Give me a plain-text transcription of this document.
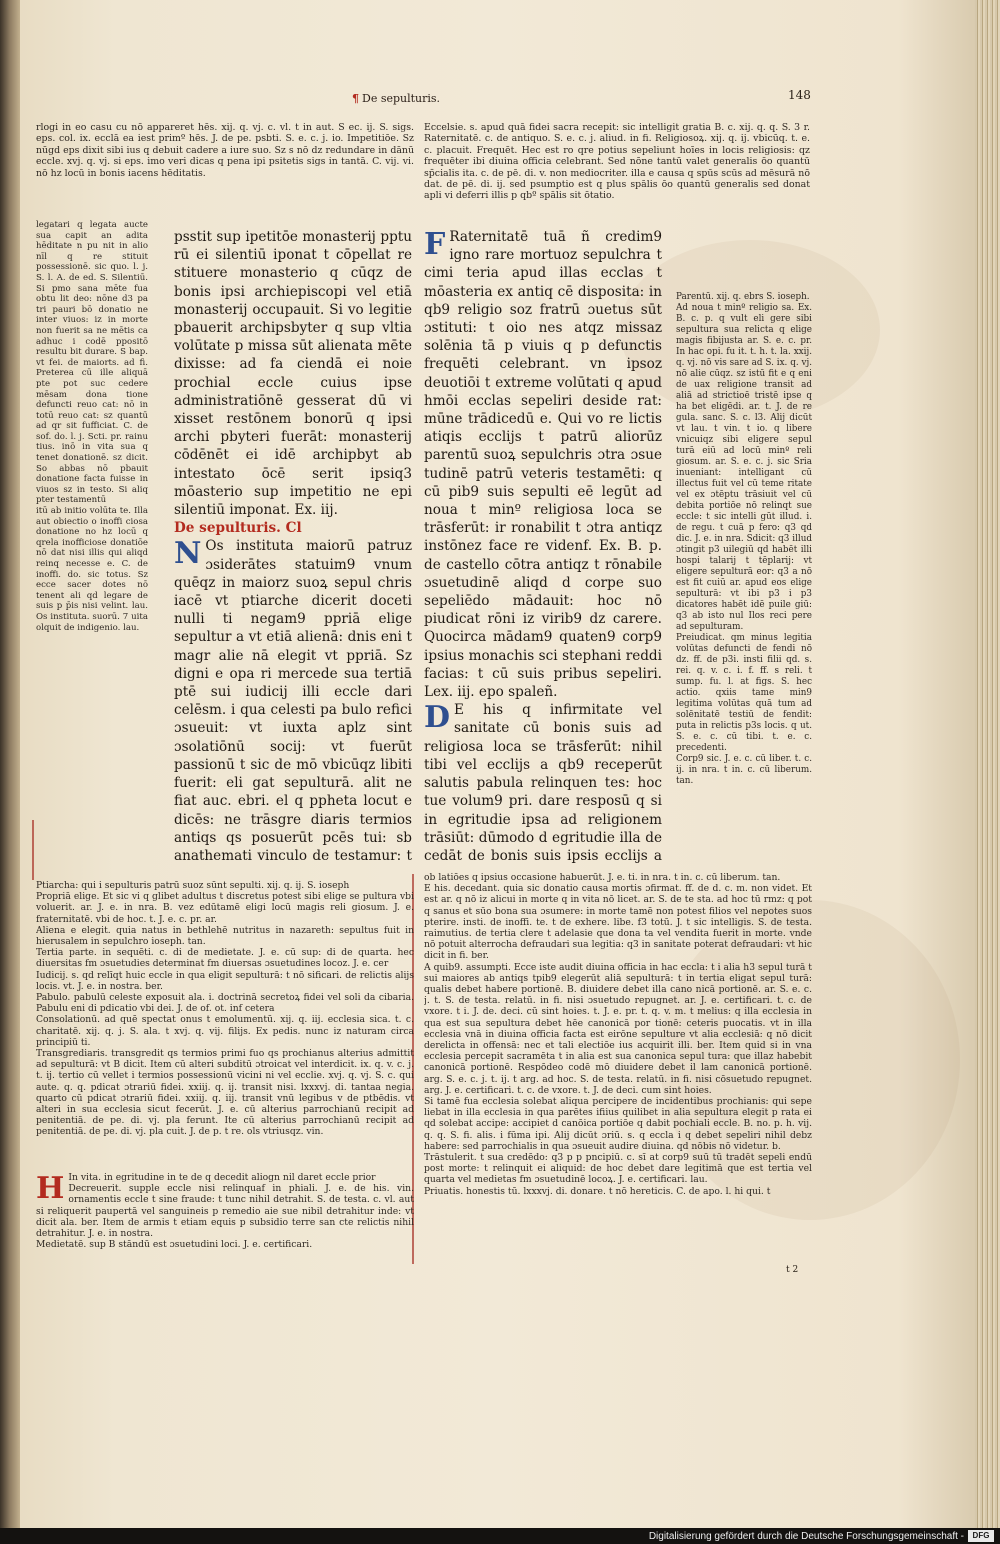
¶ De sepulturis.	148

rlogi in eo casu cu nō appareret hēs. xij. q. vj. c. vl. t in aut. S ec. ij. S. sigs. eps. col. ix. ecclā ea iest primº hēs. J. de pe. psbti. S. e. c. j. io. Impetitiōe. Sz nūgd eps dixit sibi ius q debuit cadere a iure suo. Sz s nō dz redundare in dānū eccle. xvj. q. vj. si eps. imo veri dicas q pena ipi psitetis sigs in tantā. C. vij. vi. nō hz locū in bonis iacens hēditatis.

Eccelsie. s. apud quā fidei sacra recepit: sic intelligit gratia B. c. xij. q. q. S. 3 r. Raternitatē. c. de antiquo. S. e. c. j. aliud. in fi. Religiosoꝝ. xij. q. ij. vbicūq. t. e. c. placuit. Frequēt. Hec est ro qre potius sepeliunt hoīes in locis religiosis: qz frequēter ibi diuina officia celebrant. Sed nōne tantū valet generalis ōo quantū sp̄cialis ita. c. de pē. di. v. non mediocriter. illa e causa q spūs scūs ad mēsurā nō dat. de pē. di. ij. sed psumptio est q plus spālis ōo quantū generalis sed donat apli vi deferri illis p qbº spālis sit ōtatio.

legatari q legata aucte sua capit an adita hēditate n pu nit in alio nīl q re stituit possessionē. sic quo. l. j. S. l. A. de ed. S. Silentiū. Si pmo sana mēte fua obtu lit deo: nōne d3 pa tri pauri bō donatio ne inter viuos: iz in morte non fuerit sa ne mētis ca adhuc i codē ppositō resultu bit durare. S bap. vt fei. de maiorts. ad fi. Preterea cū ille aliquā pte pot suc cedere mēsam dona tione defuncti reuo cat: nō in totū reuo cat: sz quantū ad qr sit fufficiat. C. de sof. do. l. j. Scti. pr. rainu tius. inō in vita sua q tenet donationē. sz dicit. So abbas nō pbauit donatione facta fuisse in viuos sz in testo. Si aliq pter testamentū

itū ab initio volūta te. Illa aut obiectio o inoffi ciosa donatione no hz locū q qrela inofficiose donatiōe nō dat nisi illis qui aliqd reinq necesse e. C. de inoffi. do. sic totus. Sz ecce sacer dotes nō tenent ali qd legare de suis p p̄is nisi velint. lau. Os instituta. suorū. 7 uita olquit de indigenio. lau.

Parentū. xij. q. ebrs S. ioseph.

Ad noua t minº religio sa. Ex. B. c. p. q vult eli gere sibi sepultura sua relicta q elige magis fibijusta ar. S. e. c. pr. In hac opi. fu it. t. h. t. la. xxij. q. vj. nō vis sare ad S. ix. q. vj. nō alie cūqz. sz istū fit e q eni de uax religione transit ad aliā ad strictioē tristē ipse q ha bet eligēdi. ar. t. J. de re gula. sanc. S. c. l3. Alij dicūt vt lau. t vin. t io. q libere vnicuiqz sibi eligere sepul turā eiū ad locū minº reli giosum. ar. S. e. c. j. sic Sria inueniant: intelligant cū illectus fuit vel cū teme ritate vel ex ɔtēptu trāsiuit vel cū debita portiōe nō relinqt sue eccle: t sic intelli gūt illud. i. de regu. t cuā p fero: q3 qd dic. J. e. in nra. Sdicit: q3 illud ɔtingit p3 uilegiū qd habēt illi hospi talarij t tēplarij: vt eligere sepulturā eor: q3 a nō est fit cuiū ar. apud eos elige sepulturā: vt ibi p3 i p3 dicatores habēt idē puile giū: q3 ab isto nul Ilos reci pere ad sepulturam.

Preiudicat. qm minus legitia volūtas defuncti de fendi nō dz. ff. de p3i. insti filii qd. s. rei. q. v. c. i. f. ff. s reli. t sump. fu. l. at figs. S. hec actio. qxiis tame min9 legitima volūtas quā tum ad solēnitatē testiū de fendit: puta in relictis p3s locis. q ut. S. e. c. cū tibi. t. e. c. precedenti.

Corp9 sic. J. e. c. cū liber. t. c. ij. in nra. t in. c. cū liberum. tan.

psstit sup ipetitōe monasterij pptu rū ei silentiū iponat t cōpellat re stituere monasterio q cūqz de bonis ipsi archiepiscopi vel etiā monasterij occupauit. Si vo legitie pbauerit archipsbyter q sup vltia volūtate p missa sūt alienata mēte dixisse: ad fa ciendā ei noie prochial eccle cuius ipse administratiōnē gesserat dū vi xisset restōnem bonorū q ipsi archi pbyteri fuerāt: monasterij cōdēnēt ei idē archipbyt ab intestato ōcē serit ipsiq3 mōasterio sup impetitio ne epi silentiū imponat. Ex. iij.

De sepulturis. Cl

N Os instituta maiorū patruz ɔsiderātes statuim9 vnum quēqz in maiorz suoꝝ sepul chris iacē vt ptiarche dicerit doceti nulli ti negam9 ppriā elige sepultur a vt etiā alienā: dnis eni t magr alie nā elegit vt ppriā. Sz digni e opa ri mercede sua tertiā ptē sui iudicij illi eccle dari celēsm. i qua celesti pa bulo refici ɔsueuit: vt iuxta aplz sint ɔsolatiōnū socij: vt fuerūt passionū t sic de mō vbicūqz libiti fuerit: eli gat sepulturā. alit ne fiat auc. ebri. el q ppheta locut e dicēs: ne trāsgre diaris termios antiqs qs posuerūt pcēs tui: sb anathemati vinculo de testamur: t

F Raternitatē tuā ñ credim9 igno rare mortuoz sepulchra t cimi teria apud illas ecclas t mōasteria ex antiq cē disposita: in qb9 religio soz fratrū ɔuetus sūt ɔstituti: t oio nes atqz missaz solēnia tā p viuis q p defunctis frequēti celebrant. vn ipsoz deuotiōi t extreme volūtati q apud hmōi ecclas sepeliri deside rat: mūne trādicedū e. Qui vo re lictis atiqis ecclijs t patrū aliorūz parentū suoꝝ sepulchris ɔtra ɔsue tudinē patrū veteris testamēti: q cū pib9 suis sepulti eē legūt ad noua t minº religiosa loca se trāsferūt: ir ronabilit t ɔtra antiqz instōnez face re videnf. Ex. B. p. de castello cōtra antiqz t rōnabile ɔsuetudinē aliqd d corpe suo sepeliēdo mādauit: hoc nō piudicat rōni iz virib9 dz carere. Quocirca mādam9 quaten9 corp9 ipsius monachis sci stephani reddi facias: t cū suis pribus sepeliri. Lex. iij. epo spaleñ.

D E his q infirmitate vel sanitate cū bonis suis ad religiosa loca se trāsferūt: nihil tibi vel ecclijs a qb9 receperūt salutis pabula relinquen tes: hoc tue volum9 pri. dare resposū q si in egritudie ipsa ad religionem trāsiūt: dūmodo d egritudie illa de cedāt de bonis suis ipsis ecclijs a

Ptiarcha: qui i sepulturis patrū suoz sūnt sepulti. xij. q. ij. S. ioseph

Propriā elige. Et sic vi q glibet adultus t discretus potest sibi elige se pultura vbi voluerit. ar. J. e. in nra. B. vez edūtamē eligi locū magis reli giosum. J. e. fraternitatē. vbi de hoc. t. J. e. c. pr. ar.

Aliena e elegit. quia natus in bethlehē nutritus in nazareth: sepultus fuit in hierusalem in sepulchro ioseph. tan.

Tertia parte. in sequēti. c. di de medietate. J. e. cū sup: di de quarta. hec diuersitas fm ɔsuetudies determinat fm diuersas ɔsuetudines locoz. J. e. cer

Iudicij. s. qd relīqt huic eccle in qua eligit sepulturā: t nō sificari. de relictis alijs locis. vt. J. e. in nostra. ber.

Pabulo. pabulū celeste exposuit ala. i. doctrinā secretoꝝ fidei vel soli da cibaria. Pabulu eni di pdicatio vbi dei. J. de of. ot. inf cetera

Consolationū. ad quē spectat onus t emolumentū. xij. q. iij. ecclesia sica. t. c. charitatē. xij. q. j. S. ala. t xvj. q. vij. filijs. Ex pedis. nunc iz naturam circa principiū ti.

Transgrediaris. transgredit qs termios primi fuo qs prochianus alterius admittit ad sepulturā: vt B dicit. Item cū alteri subditū ɔtroicat vel interdicit. ix. q. v. c. j. t. ij. tertio cū vellet i termios possessionū vicini ni vel ecclie. xvj. q. vj. S. c. qui aute. q. q. pdicat ɔtrariū fidei. xxiij. q. ij. transit nisi. lxxxvj. di. tantaa negia. quarto cū pdicat ɔtrariū fidei. xxiij. q. iij. transit vnū legibus v de ptbēdis. vt alteri in sua ecclesia sicut fecerūt. J. e. cū alterius parrochianū recipit ad penitentiā. de pe. di. vj. pla ferunt. Ite cū alterius parrochianū recipit ad penitentiā. de pe. di. vj. pla cuit. J. de p. t re. ols vtriusqz. vin.

H In vita. in egritudine in te de q decedit aliogn nil daret eccle prior

Decreuerit. supple eccle nisi relinquaf in phiali. J. e. de his. vin. ornamentis eccle t sine fraude: t tunc nihil detrahit. S. de testa. c. vl. aut si reliquerit paupertā vel sanguineis p remedio aie sue nibil detrahitur inde: vt dicit ala. ber. Item de armis t etiam equis p subsidio terre san cte relictis nihil detrahitur. J. e. in nostra.

Medietatē. sup B stāndū est ɔsuetudini loci. J. e. certificari.

ob latiōes q ipsius occasione habuerūt. J. e. ti. in nra. t in. c. cū liberum. tan.

E his. decedant. quia sic donatio causa mortis ɔfirmat. ff. de d. c. m. non videt. Et est ar. q nō iz alicui in morte q in vita nō licet. ar. S. de te sta. ad hoc tū rmz: q pot q sanus et sūo bona sua ɔsumere: in morte tamē non potest filios vel nepotes suos pterire. insti. de inoffi. te. t de exhere. libe. f3 totū. J. t sic intelligis. S. de testa. raimutius. de tertia clere t adelasie que dona ta vel vendita fuerit in morte. vnde nō potuit alterrocha defraudari sua legitia: q3 in sanitate poterat defraudari: vt hic dicit in fi. ber.

A quib9. assumpti. Ecce iste audit diuina officia in hac eccla: t i alia h3 sepul turā t sui maiores ab antiqs tpib9 elegerūt aliā sepulturā: t in tertia eligat sepul turā: qualis debet habere portionē. B. diuidere debet illa cano nicā portionē. ar. S. e. c. j. t. S. de testa. relatū. in fi. nisi ɔsuetudo repugnet. ar. J. e. certificari. t. c. de vxore. t i. J. de. deci. cū sint hoies. t. J. e. pr. t. q. v. m. t melius: q illa ecclesia in qua est sua sepultura debet hēe canonicā por tionē: ceteris puocatis. vt in illa ecclesia vnā in diuina officia facta est eirōne sepulture vt alia ecclesiā: q nō dicit derelicta in offensā: nec et tali electiōe ius acquirit illi. ber. Item quid si in vna ecclesia percepit sacramēta t in alia est sua canonica sepul tura: que illaz habebit canonicā portionē. Respōdeo codē mō diuidere debet il lam canonicā portionē. arg. S. e. c. j. t. ij. t arg. ad hoc. S. de testa. relatū. in fi. nisi cōsuetudo repugnet. arg. J. e. certificari. t. c. de vxore. t. J. de deci. cum sint hoies.

Si tamē fua ecclesia solebat aliqua percipere de incidentibus prochianis: qui sepe liebat in illa ecclesia in qua parētes ifiius quilibet in alia sepultura elegit p rata ei qd solebat accipe: accipiet d canōica portiōe q dabit pochiali eccle. B. no. p. h. vij. q. q. S. fi. alis. i fūma ipi. Alij dicūt ɔriū. s. q eccla i q debet sepeliri nihil debz habere: sed parrochialis in qua ɔsueuit audire diuina. qd nōbis nō videtur. b.

Trāstulerit. t sua credēdo: q3 p p pncipiū. c. sī at corp9 suū tū tradēt sepeli endū post morte: t relinquit ei aliquid: de hoc debet dare legitimā que est tertia vel quarta vel medietas fm ɔsuetudinē locoꝝ. J. e. certificari. lau.

Priuatis. honestis tū. lxxxvj. di. donare. t nō hereticis. C. de apo. l. hi qui. t

t 2
Digitalisierung gefördert durch die Deutsche Forschungsgemeinschaft -	DFG
